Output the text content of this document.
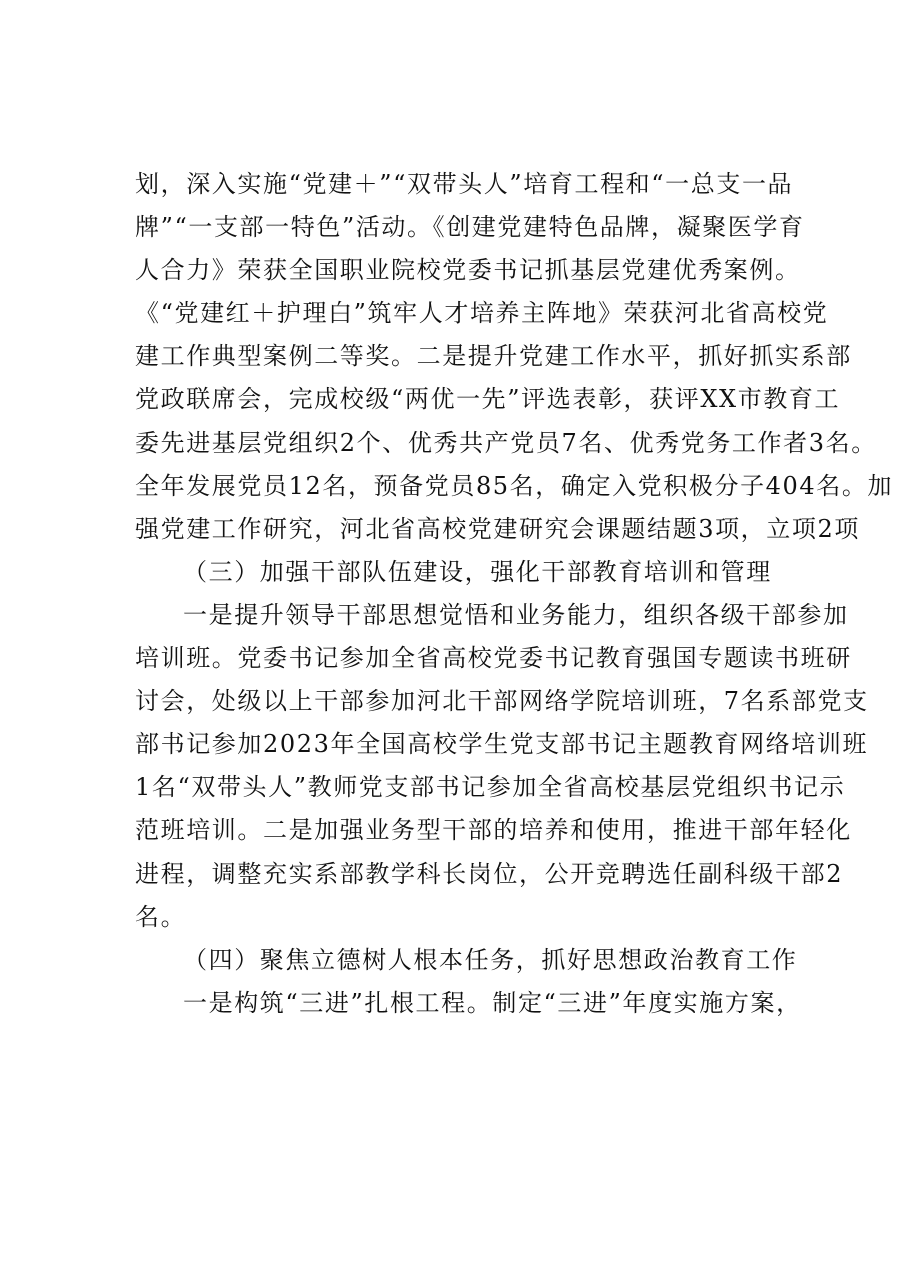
划，深入实施“党建＋”“双带头人”培育工程和“一总支一品
牌”“一支部一特色”活动。《创建党建特色品牌，凝聚医学育
人合力》荣获全国职业院校党委书记抓基层党建优秀案例。
《“党建红＋护理白”筑牢人才培养主阵地》荣获河北省高校党
建工作典型案例二等奖。二是提升党建工作水平，抓好抓实系部
党政联席会，完成校级“两优一先”评选表彰，获评XX市教育工
委先进基层党组织2个、优秀共产党员7名、优秀党务工作者3名。
全年发展党员12名，预备党员85名，确定入党积极分子404名。加
强党建工作研究，河北省高校党建研究会课题结题3项，立项2项
（三）加强干部队伍建设，强化干部教育培训和管理
一是提升领导干部思想觉悟和业务能力，组织各级干部参加
培训班。党委书记参加全省高校党委书记教育强国专题读书班研
讨会，处级以上干部参加河北干部网络学院培训班，7名系部党支
部书记参加2023年全国高校学生党支部书记主题教育网络培训班
1名“双带头人”教师党支部书记参加全省高校基层党组织书记示
范班培训。二是加强业务型干部的培养和使用，推进干部年轻化
进程，调整充实系部教学科长岗位，公开竞聘选任副科级干部2
名。
（四）聚焦立德树人根本任务，抓好思想政治教育工作
一是构筑“三进”扎根工程。制定“三进”年度实施方案，
